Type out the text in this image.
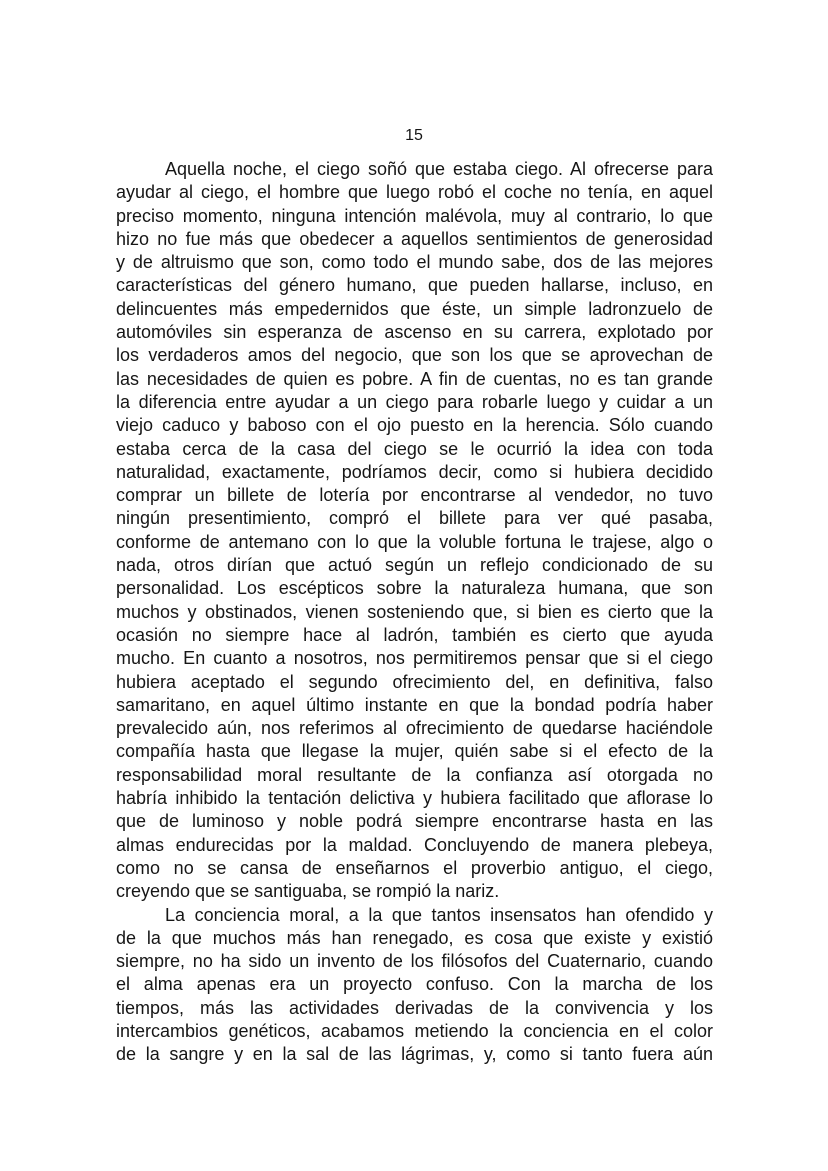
15
Aquella noche, el ciego soñó que estaba ciego. Al ofrecerse para
ayudar al ciego, el hombre que luego robó el coche no tenía, en aquel
preciso momento, ninguna intención malévola, muy al contrario, lo que
hizo no fue más que obedecer a aquellos sentimientos de generosidad
y de altruismo que son, como todo el mundo sabe, dos de las mejores
características del género humano, que pueden hallarse, incluso, en
delincuentes más empedernidos que éste, un simple ladronzuelo de
automóviles sin esperanza de ascenso en su carrera, explotado por
los verdaderos amos del negocio, que son los que se aprovechan de
las necesidades de quien es pobre. A fin de cuentas, no es tan grande
la diferencia entre ayudar a un ciego para robarle luego y cuidar a un
viejo caduco y baboso con el ojo puesto en la herencia. Sólo cuando
estaba cerca de la casa del ciego se le ocurrió la idea con toda
naturalidad, exactamente, podríamos decir, como si hubiera decidido
comprar un billete de lotería por encontrarse al vendedor, no tuvo
ningún presentimiento, compró el billete para ver qué pasaba,
conforme de antemano con lo que la voluble fortuna le trajese, algo o
nada, otros dirían que actuó según un reflejo condicionado de su
personalidad. Los escépticos sobre la naturaleza humana, que son
muchos y obstinados, vienen sosteniendo que, si bien es cierto que la
ocasión no siempre hace al ladrón, también es cierto que ayuda
mucho. En cuanto a nosotros, nos permitiremos pensar que si el ciego
hubiera aceptado el segundo ofrecimiento del, en definitiva, falso
samaritano, en aquel último instante en que la bondad podría haber
prevalecido aún, nos referimos al ofrecimiento de quedarse haciéndole
compañía hasta que llegase la mujer, quién sabe si el efecto de la
responsabilidad moral resultante de la confianza así otorgada no
habría inhibido la tentación delictiva y hubiera facilitado que aflorase lo
que de luminoso y noble podrá siempre encontrarse hasta en las
almas endurecidas por la maldad. Concluyendo de manera plebeya,
como no se cansa de enseñarnos el proverbio antiguo, el ciego,
creyendo que se santiguaba, se rompió la nariz.
La conciencia moral, a la que tantos insensatos han ofendido y
de la que muchos más han renegado, es cosa que existe y existió
siempre, no ha sido un invento de los filósofos del Cuaternario, cuando
el alma apenas era un proyecto confuso. Con la marcha de los
tiempos, más las actividades derivadas de la convivencia y los
intercambios genéticos, acabamos metiendo la conciencia en el color
de la sangre y en la sal de las lágrimas, y, como si tanto fuera aún
